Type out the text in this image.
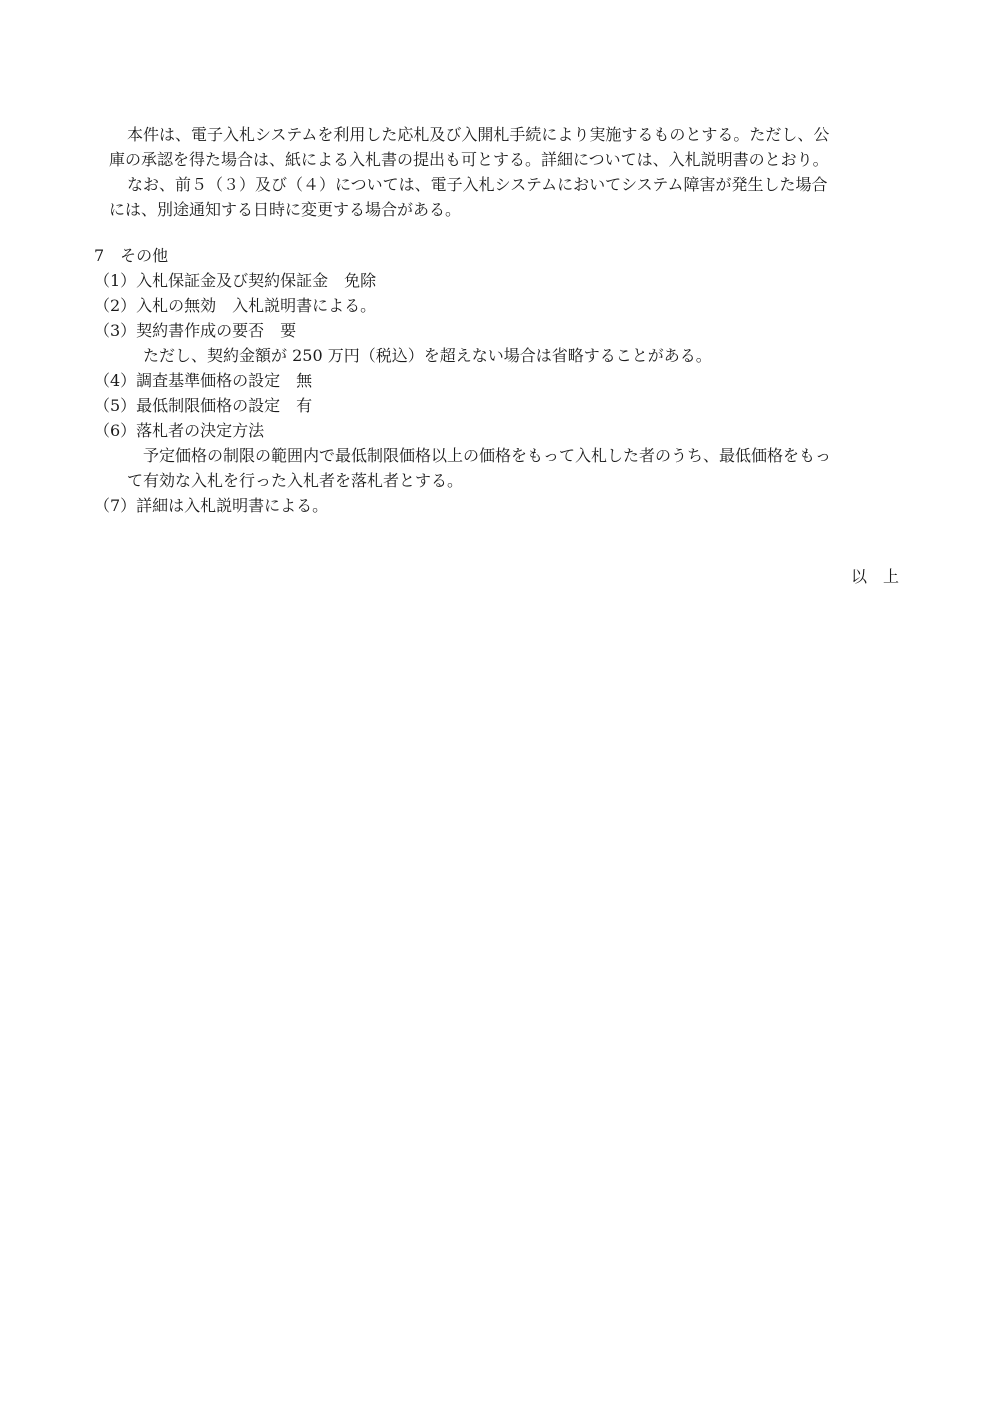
本件は、電子入札システムを利用した応札及び入開札手続により実施するものとする。ただし、公
庫の承認を得た場合は、紙による入札書の提出も可とする。詳細については、入札説明書のとおり。
なお、前５（３）及び（４）については、電子入札システムにおいてシステム障害が発生した場合
には、別途通知する日時に変更する場合がある。
7　その他
（1）入札保証金及び契約保証金　免除
（2）入札の無効　入札説明書による。
（3）契約書作成の要否　要
ただし、契約金額が 250 万円（税込）を超えない場合は省略することがある。
（4）調査基準価格の設定　無
（5）最低制限価格の設定　有
（6）落札者の決定方法
予定価格の制限の範囲内で最低制限価格以上の価格をもって入札した者のうち、最低価格をもっ
て有効な入札を行った入札者を落札者とする。
（7）詳細は入札説明書による。
以　上
